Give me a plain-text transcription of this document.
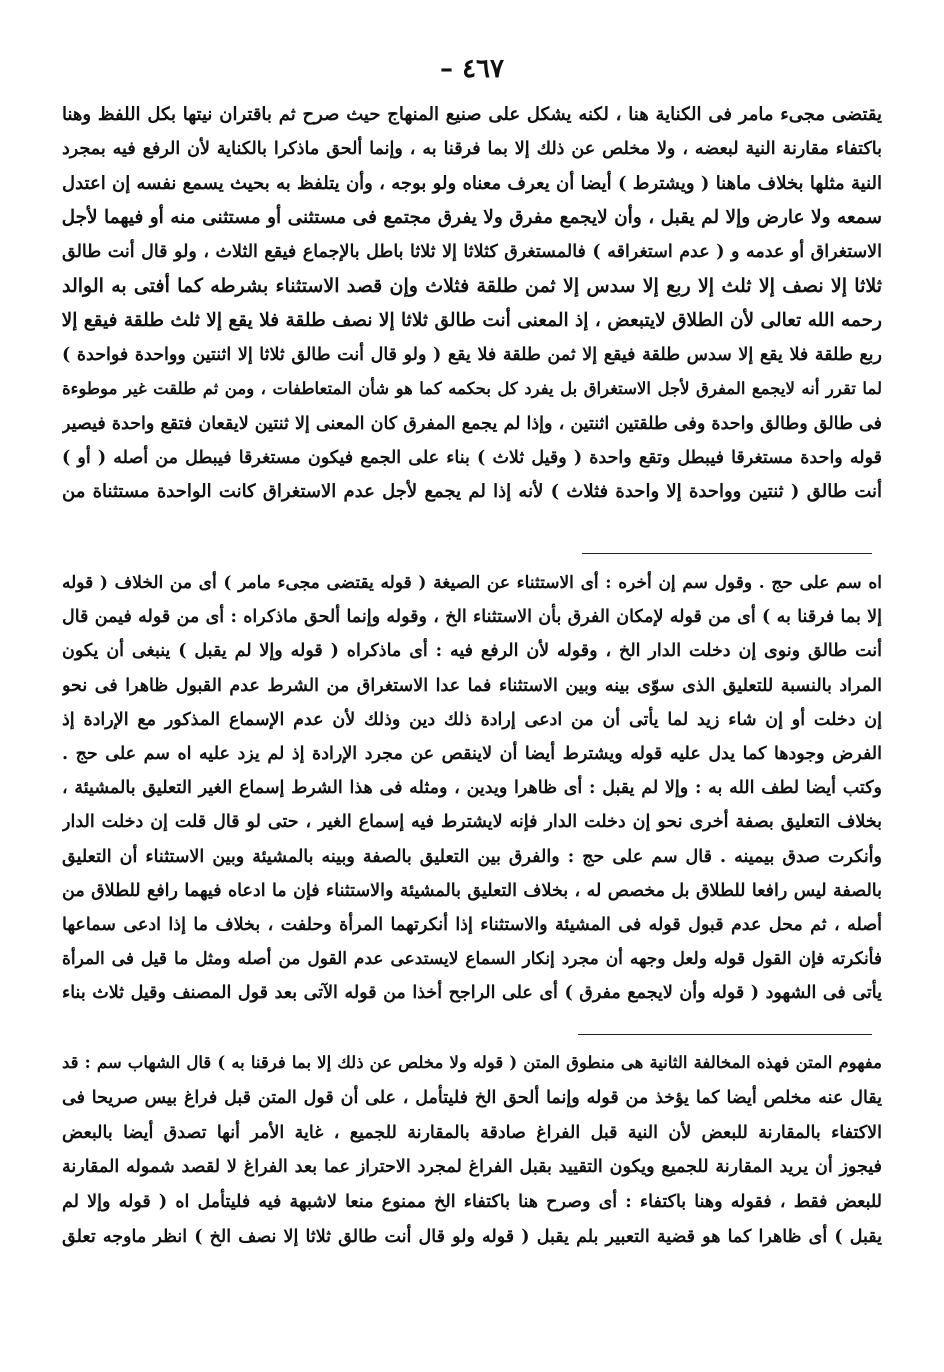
– ٤٦٧
يقتضى مجىء مامر فى الكناية هنا ، لكنه يشكل على صنيع المنهاج حيث صرح ثم باقتران نيتها بكل اللفظ وهنا
باكتفاء مقارنة النية لبعضه ، ولا مخلص عن ذلك إلا بما فرقنا به ، وإنما ألحق ماذكرا بالكناية لأن الرفع فيه بمجرد
النية مثلها بخلاف ماهنا ( ويشترط ) أيضا أن يعرف معناه ولو بوجه ، وأن يتلفظ به بحيث يسمع نفسه إن اعتدل
سمعه ولا عارض وإلا لم يقبل ، وأن لايجمع مفرق ولا يفرق مجتمع فى مستثنى أو مستثنى منه أو فيهما لأجل
الاستغراق أو عدمه و ( عدم استغراقه ) فالمستغرق كثلاثا إلا ثلاثا باطل بالإجماع فيقع الثلاث ، ولو قال أنت طالق
ثلاثا إلا نصف إلا ثلث إلا ربع إلا سدس إلا ثمن طلقة فثلاث وإن قصد الاستثناء بشرطه كما أفتى به الوالد
رحمه الله تعالى لأن الطلاق لايتبعض ، إذ المعنى أنت طالق ثلاثا إلا نصف طلقة فلا يقع إلا ثلث طلقة فيقع إلا
ربع طلقة فلا يقع إلا سدس طلقة فيقع إلا ثمن طلقة فلا يقع ( ولو قال أنت طالق ثلاثا إلا اثنتين وواحدة فواحدة )
لما تقرر أنه لايجمع المفرق لأجل الاستغراق بل يفرد كل بحكمه كما هو شأن المتعاطفات ، ومن ثم طلقت غير موطوءة
فى طالق وطالق واحدة وفى طلقتين اثنتين ، وإذا لم يجمع المفرق كان المعنى إلا ثنتين لايقعان فتقع واحدة فيصير
قوله واحدة مستغرقا فيبطل وتقع واحدة ( وقيل ثلاث ) بناء على الجمع فيكون مستغرقا فيبطل من أصله ( أو )
أنت طالق ( ثنتين وواحدة إلا واحدة فثلاث ) لأنه إذا لم يجمع لأجل عدم الاستغراق كانت الواحدة مستثناة من
اه سم على حج . وقول سم إن أخره : أى الاستثناء عن الصيغة ( قوله يقتضى مجىء مامر ) أى من الخلاف ( قوله
إلا بما فرقنا به ) أى من قوله لإمكان الفرق بأن الاستثناء الخ ، وقوله وإنما ألحق ماذكراه : أى من قوله فيمن قال
أنت طالق ونوى إن دخلت الدار الخ ، وقوله لأن الرفع فيه : أى ماذكراه ( قوله وإلا لم يقبل ) ينبغى أن يكون
المراد بالنسبة للتعليق الذى سوّى بينه وبين الاستثناء فما عدا الاستغراق من الشرط عدم القبول ظاهرا فى نحو
إن دخلت أو إن شاء زيد لما يأتى أن من ادعى إرادة ذلك دين وذلك لأن عدم الإسماع المذكور مع الإرادة إذ
الفرض وجودها كما يدل عليه قوله ويشترط أيضا أن لاينقص عن مجرد الإرادة إذ لم يزد عليه اه سم على حج .
وكتب أيضا لطف الله به : وإلا لم يقبل : أى ظاهرا ويدين ، ومثله فى هذا الشرط إسماع الغير التعليق بالمشيئة ،
بخلاف التعليق بصفة أخرى نحو إن دخلت الدار فإنه لايشترط فيه إسماع الغير ، حتى لو قال قلت إن دخلت الدار
وأنكرت صدق بيمينه . قال سم على حج : والفرق بين التعليق بالصفة وبينه بالمشيئة وبين الاستثناء أن التعليق
بالصفة ليس رافعا للطلاق بل مخصص له ، بخلاف التعليق بالمشيئة والاستثناء فإن ما ادعاه فيهما رافع للطلاق من
أصله ، ثم محل عدم قبول قوله فى المشيئة والاستثناء إذا أنكرتهما المرأة وحلفت ، بخلاف ما إذا ادعى سماعها
فأنكرته فإن القول قوله ولعل وجهه أن مجرد إنكار السماع لايستدعى عدم القول من أصله ومثل ما قيل فى المرأة
يأتى فى الشهود ( قوله وأن لايجمع مفرق ) أى على الراجح أخذا من قوله الآتى بعد قول المصنف وقيل ثلاث بناء
مفهوم المتن فهذه المخالفة الثانية هى منطوق المتن ( قوله ولا مخلص عن ذلك إلا بما فرقنا به ) قال الشهاب سم : قد
يقال عنه مخلص أيضا كما يؤخذ من قوله وإنما ألحق الخ فليتأمل ، على أن قول المتن قبل فراغ بيس صريحا فى
الاكتفاء بالمقارنة للبعض لأن النية قبل الفراغ صادقة بالمقارنة للجميع ، غاية الأمر أنها تصدق أيضا بالبعض
فيجوز أن يريد المقارنة للجميع ويكون التقييد بقبل الفراغ لمجرد الاحتراز عما بعد الفراغ لا لقصد شموله المقارنة
للبعض فقط ، فقوله وهنا باكتفاء : أى وصرح هنا باكتفاء الخ ممنوع منعا لاشبهة فيه فليتأمل اه ( قوله وإلا لم
يقبل ) أى ظاهرا كما هو قضية التعبير بلم يقبل ( قوله ولو قال أنت طالق ثلاثا إلا نصف الخ ) انظر ماوجه تعلق
